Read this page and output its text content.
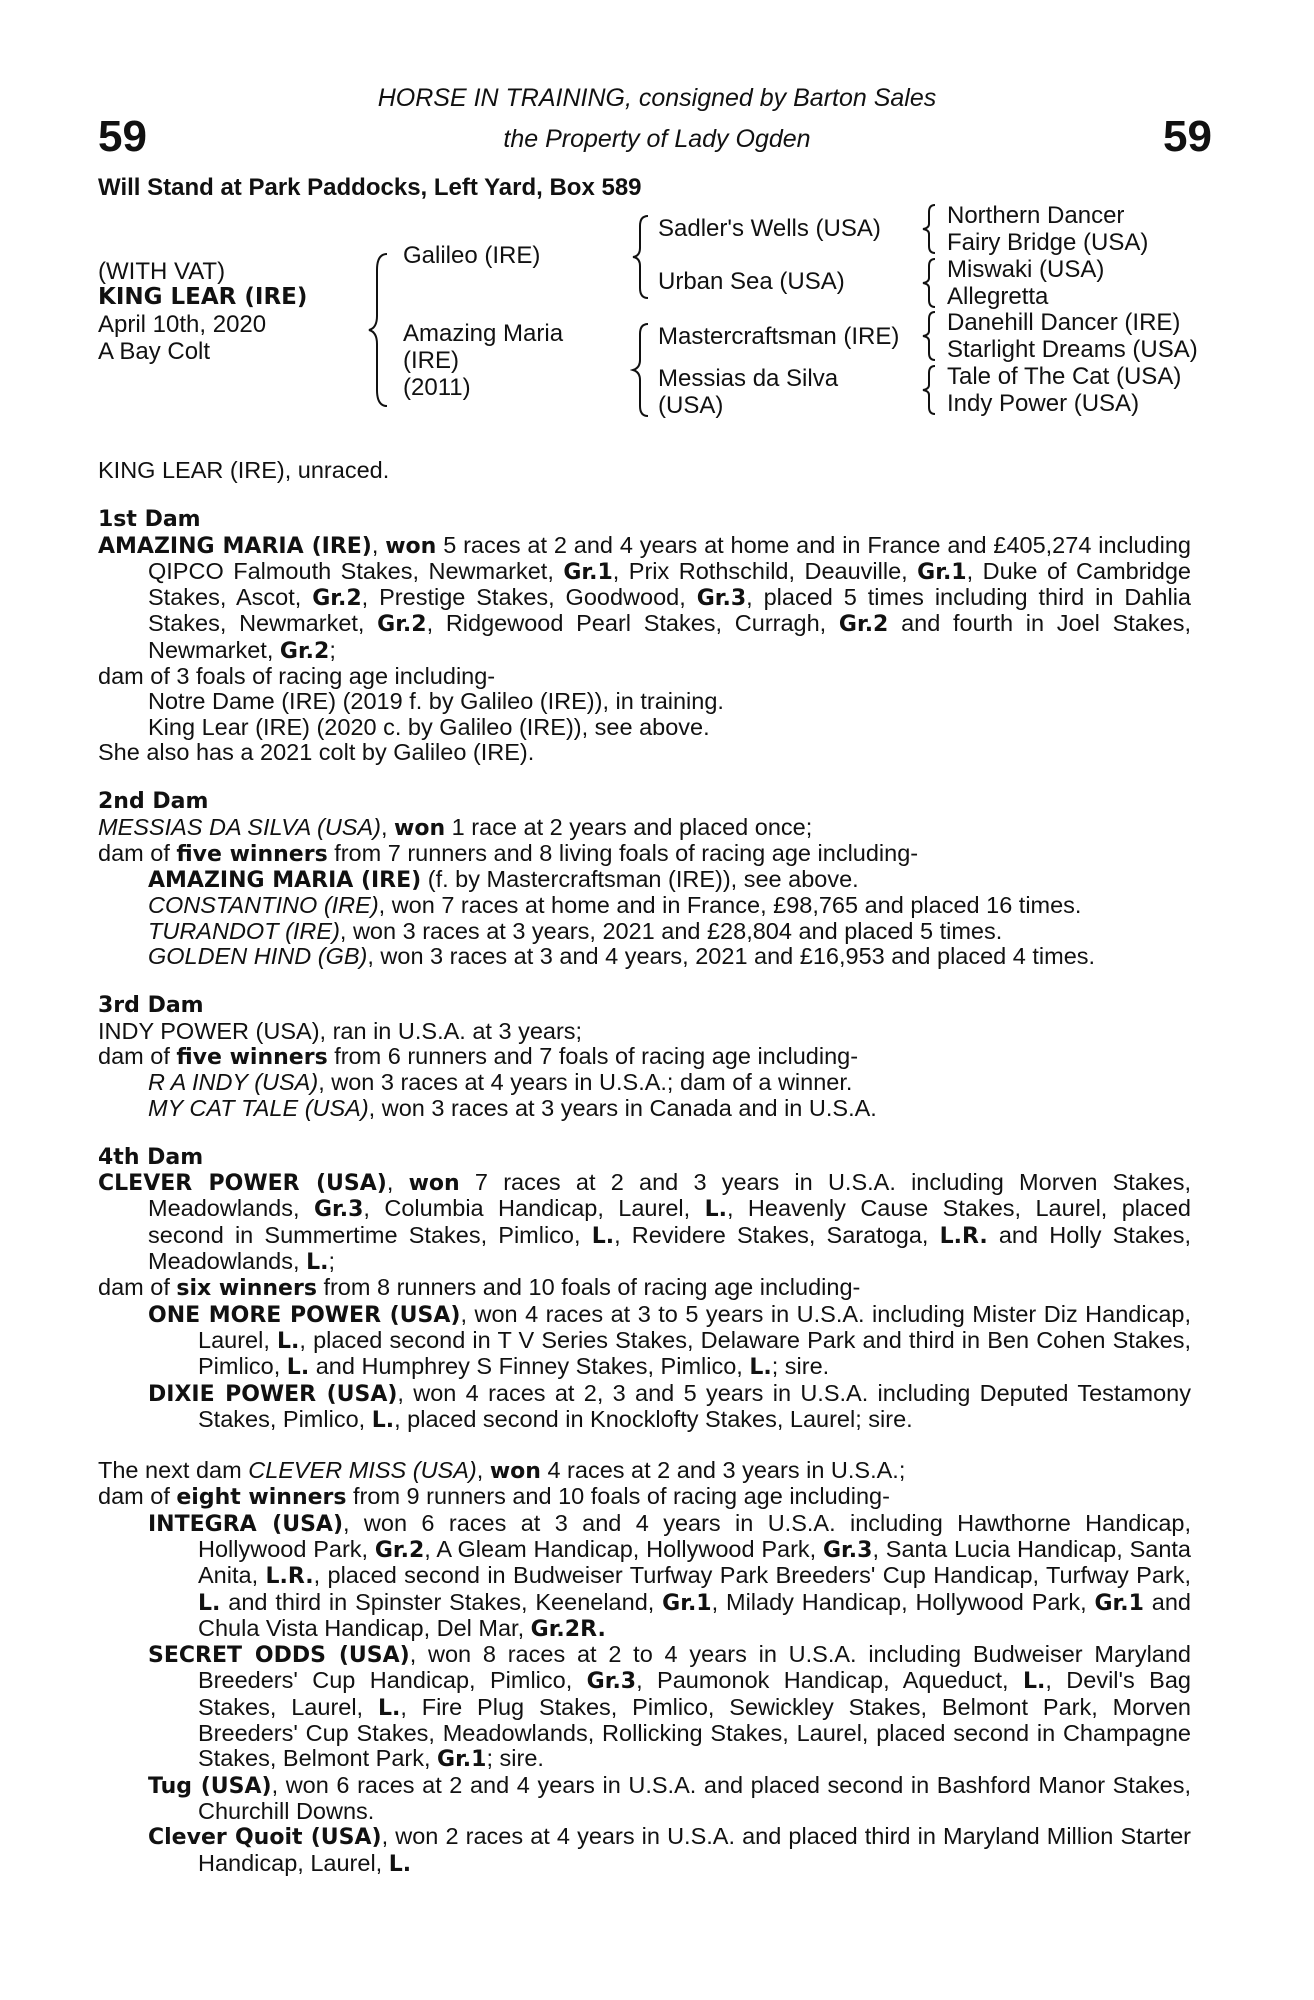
59	59
HORSE IN TRAINING, consigned by Barton Sales
the Property of Lady Ogden
Will Stand at Park Paddocks, Left Yard, Box 589
(WITH VAT)
KING LEAR (IRE)
April 10th, 2020
A Bay Colt
Galileo (IRE)
Amazing Maria
(IRE)
(2011)
Sadler's Wells (USA)
Urban Sea (USA)
Mastercraftsman (IRE)
Messias da Silva
(USA)
Northern Dancer
Fairy Bridge (USA)
Miswaki (USA)
Allegretta
Danehill Dancer (IRE)
Starlight Dreams (USA)
Tale of The Cat (USA)
Indy Power (USA)

KING LEAR (IRE), unraced.

1st Dam

AMAZING MARIA (IRE), won 5 races at 2 and 4 years at home and in France and £405,274 including QIPCO Falmouth Stakes, Newmarket, Gr.1, Prix Rothschild, Deauville, Gr.1, Duke of Cambridge Stakes, Ascot, Gr.2, Prestige Stakes, Goodwood, Gr.3, placed 5 times including third in Dahlia Stakes, Newmarket, Gr.2, Ridgewood Pearl Stakes, Curragh, Gr.2 and fourth in Joel Stakes, Newmarket, Gr.2;

dam of 3 foals of racing age including-

Notre Dame (IRE) (2019 f. by Galileo (IRE)), in training.

King Lear (IRE) (2020 c. by Galileo (IRE)), see above.

She also has a 2021 colt by Galileo (IRE).

2nd Dam

MESSIAS DA SILVA (USA), won 1 race at 2 years and placed once;

dam of five winners from 7 runners and 8 living foals of racing age including-

AMAZING MARIA (IRE) (f. by Mastercraftsman (IRE)), see above.

CONSTANTINO (IRE), won 7 races at home and in France, £98,765 and placed 16 times.

TURANDOT (IRE), won 3 races at 3 years, 2021 and £28,804 and placed 5 times.

GOLDEN HIND (GB), won 3 races at 3 and 4 years, 2021 and £16,953 and placed 4 times.

3rd Dam

INDY POWER (USA), ran in U.S.A. at 3 years;

dam of five winners from 6 runners and 7 foals of racing age including-

R A INDY (USA), won 3 races at 4 years in U.S.A.; dam of a winner.

MY CAT TALE (USA), won 3 races at 3 years in Canada and in U.S.A.

4th Dam

CLEVER POWER (USA), won 7 races at 2 and 3 years in U.S.A. including Morven Stakes, Meadowlands, Gr.3, Columbia Handicap, Laurel, L., Heavenly Cause Stakes, Laurel, placed second in Summertime Stakes, Pimlico, L., Revidere Stakes, Saratoga, L.R. and Holly Stakes, Meadowlands, L.;

dam of six winners from 8 runners and 10 foals of racing age including-

ONE MORE POWER (USA), won 4 races at 3 to 5 years in U.S.A. including Mister Diz Handicap, Laurel, L., placed second in T V Series Stakes, Delaware Park and third in Ben Cohen Stakes, Pimlico, L. and Humphrey S Finney Stakes, Pimlico, L.; sire.

DIXIE POWER (USA), won 4 races at 2, 3 and 5 years in U.S.A. including Deputed Testamony Stakes, Pimlico, L., placed second in Knocklofty Stakes, Laurel; sire.

The next dam CLEVER MISS (USA), won 4 races at 2 and 3 years in U.S.A.;

dam of eight winners from 9 runners and 10 foals of racing age including-

INTEGRA (USA), won 6 races at 3 and 4 years in U.S.A. including Hawthorne Handicap, Hollywood Park, Gr.2, A Gleam Handicap, Hollywood Park, Gr.3, Santa Lucia Handicap, Santa Anita, L.R., placed second in Budweiser Turfway Park Breeders' Cup Handicap, Turfway Park, L. and third in Spinster Stakes, Keeneland, Gr.1, Milady Handicap, Hollywood Park, Gr.1 and Chula Vista Handicap, Del Mar, Gr.2R.

SECRET ODDS (USA), won 8 races at 2 to 4 years in U.S.A. including Budweiser Maryland Breeders' Cup Handicap, Pimlico, Gr.3, Paumonok Handicap, Aqueduct, L., Devil's Bag Stakes, Laurel, L., Fire Plug Stakes, Pimlico, Sewickley Stakes, Belmont Park, Morven Breeders' Cup Stakes, Meadowlands, Rollicking Stakes, Laurel, placed second in Champagne Stakes, Belmont Park, Gr.1; sire.

Tug (USA), won 6 races at 2 and 4 years in U.S.A. and placed second in Bashford Manor Stakes, Churchill Downs.

Clever Quoit (USA), won 2 races at 4 years in U.S.A. and placed third in Maryland Million Starter Handicap, Laurel, L.
